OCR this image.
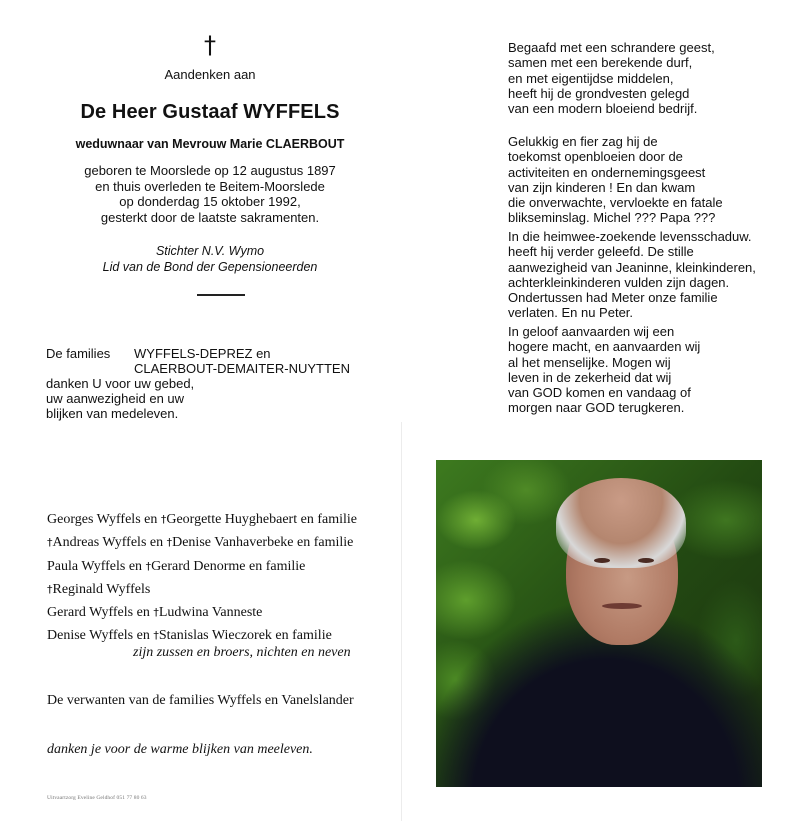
†
Aandenken aan
De Heer Gustaaf WYFFELS
weduwnaar van Mevrouw Marie CLAERBOUT
geboren te Moorslede op 12 augustus 1897
en thuis overleden te Beitem-Moorslede
op donderdag 15 oktober 1992,
gesterkt door de laatste sakramenten.
Stichter N.V. Wymo
Lid van de Bond der Gepensioneerden
De families	WYFFELS-DEPREZ en
CLAERBOUT-DEMAITER-NUYTTEN
danken U voor uw gebed,
uw aanwezigheid en uw
blijken van medeleven.
Begaafd met een schrandere geest,
samen met een berekende durf,
en met eigentijdse middelen,
heeft hij de grondvesten gelegd
van een modern bloeiend bedrijf.
Gelukkig en fier zag hij de
toekomst openbloeien door de
activiteiten en ondernemingsgeest
van zijn kinderen ! En dan kwam
die onverwachte, vervloekte en fatale
blikseminslag. Michel ??? Papa ???
In die heimwee-zoekende levensschaduw.
heeft hij verder geleefd. De stille
aanwezigheid van Jeaninne, kleinkinderen,
achterkleinkinderen vulden zijn dagen.
Ondertussen had Meter onze familie
verlaten. En nu Peter.
In geloof aanvaarden wij een
hogere macht, en aanvaarden wij
al het menselijke. Mogen wij
leven in de zekerheid dat wij
van GOD komen en vandaag of
morgen naar GOD terugkeren.
Georges Wyffels en †Georgette Huyghebaert en familie
†Andreas Wyffels en †Denise Vanhaverbeke en familie
Paula Wyffels en †Gerard Denorme en familie
†Reginald Wyffels
Gerard Wyffels en †Ludwina Vanneste
Denise Wyffels en †Stanislas Wieczorek en familie
zijn zussen en broers, nichten en neven
De verwanten van de families Wyffels en Vanelslander
danken je voor de warme blijken van meeleven.
Uitvaartzorg Eveline Geldhof 051 77 80 63
